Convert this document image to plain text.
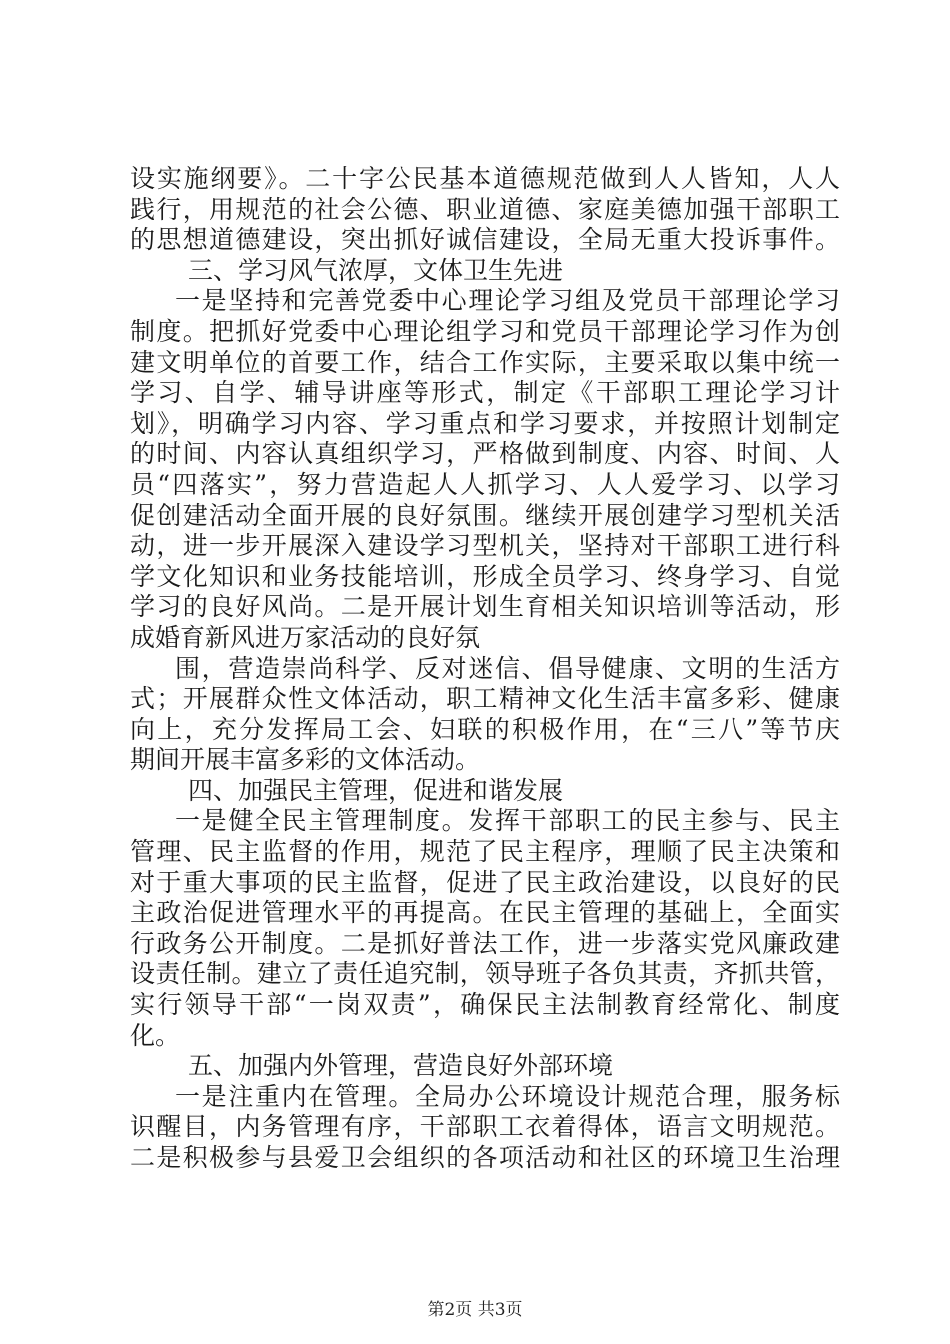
设实施纲要》。二十字公民基本道德规范做到人人皆知，人人
践行，用规范的社会公德、职业道德、家庭美德加强干部职工
的思想道德建设，突出抓好诚信建设，全局无重大投诉事件。
三、学习风气浓厚，文体卫生先进
一是坚持和完善党委中心理论学习组及党员干部理论学习
制度。把抓好党委中心理论组学习和党员干部理论学习作为创
建文明单位的首要工作，结合工作实际，主要采取以集中统一
学习、自学、辅导讲座等形式，制定《干部职工理论学习计
划》，明确学习内容、学习重点和学习要求，并按照计划制定
的时间、内容认真组织学习，严格做到制度、内容、时间、人
员“四落实”，努力营造起人人抓学习、人人爱学习、以学习
促创建活动全面开展的良好氛围。继续开展创建学习型机关活
动，进一步开展深入建设学习型机关，坚持对干部职工进行科
学文化知识和业务技能培训，形成全员学习、终身学习、自觉
学习的良好风尚。二是开展计划生育相关知识培训等活动，形
成婚育新风进万家活动的良好氛
围，营造崇尚科学、反对迷信、倡导健康、文明的生活方
式；开展群众性文体活动，职工精神文化生活丰富多彩、健康
向上，充分发挥局工会、妇联的积极作用，在“三八”等节庆
期间开展丰富多彩的文体活动。
四、加强民主管理，促进和谐发展
一是健全民主管理制度。发挥干部职工的民主参与、民主
管理、民主监督的作用，规范了民主程序，理顺了民主决策和
对于重大事项的民主监督，促进了民主政治建设，以良好的民
主政治促进管理水平的再提高。在民主管理的基础上，全面实
行政务公开制度。二是抓好普法工作，进一步落实党风廉政建
设责任制。建立了责任追究制，领导班子各负其责，齐抓共管，
实行领导干部“一岗双责”，确保民主法制教育经常化、制度
化。
五、加强内外管理，营造良好外部环境
一是注重内在管理。全局办公环境设计规范合理，服务标
识醒目，内务管理有序，干部职工衣着得体，语言文明规范。
二是积极参与县爱卫会组织的各项活动和社区的环境卫生治理
第2页 共3页
